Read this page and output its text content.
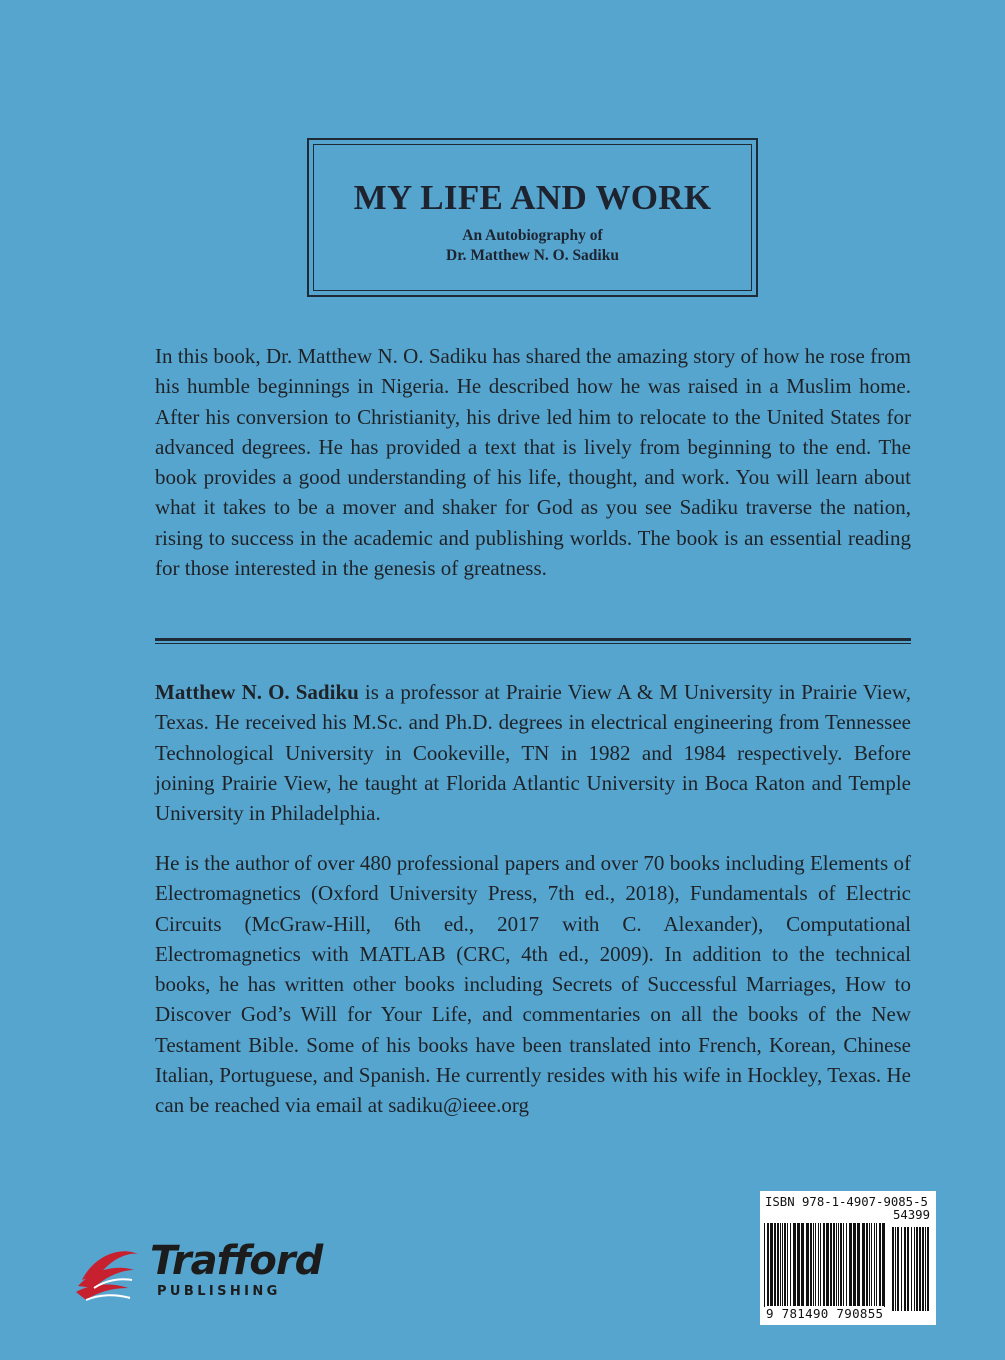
MY LIFE AND WORK
An Autobiography of
Dr. Matthew N. O. Sadiku
In this book, Dr. Matthew N. O. Sadiku has shared the amazing story of how he rose from his humble beginnings in Nigeria. He described how he was raised in a Muslim home. After his conversion to Christianity, his drive led him to relocate to the United States for advanced degrees. He has provided a text that is lively from beginning to the end. The book provides a good understanding of his life, thought, and work. You will learn about what it takes to be a mover and shaker for God as you see Sadiku traverse the nation, rising to success in the academic and publishing worlds. The book is an essential reading for those interested in the genesis of greatness.
Matthew N. O. Sadiku is a professor at Prairie View A & M University in Prairie View, Texas. He received his M.Sc. and Ph.D. degrees in electrical engineering from Tennessee Technological University in Cookeville, TN in 1982 and 1984 respectively. Before joining Prairie View, he taught at Florida Atlantic University in Boca Raton and Temple University in Philadelphia.
He is the author of over 480 professional papers and over 70 books including Elements of Electromagnetics (Oxford University Press, 7th ed., 2018), Fundamentals of Electric Circuits (McGraw-Hill, 6th ed., 2017 with C. Alexander), Computational Electromagnetics with MATLAB (CRC, 4th ed., 2009). In addition to the technical books, he has written other books including Secrets of Successful Marriages, How to Discover God’s Will for Your Life, and commentaries on all the books of the New Testament Bible. Some of his books have been translated into French, Korean, Chinese Italian, Portuguese, and Spanish. He currently resides with his wife in Hockley, Texas. He can be reached via email at sadiku@ieee.org
Trafford
PUBLISHING
ISBN 978-1-4907-9085-5
54399
9 781490 790855
